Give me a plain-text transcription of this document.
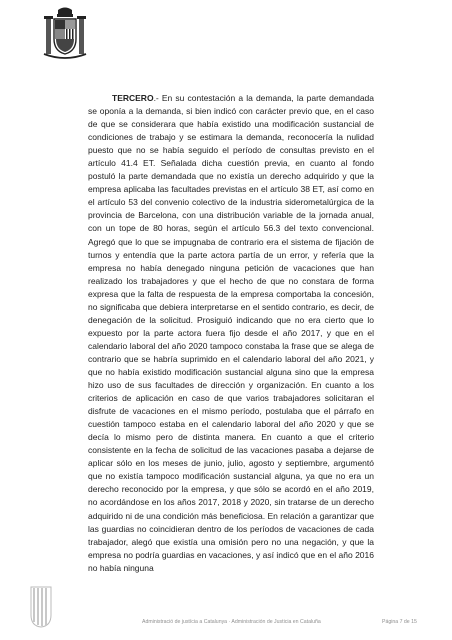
TERCERO.- En su contestación a la demanda, la parte demandada se oponía a la demanda, si bien indicó con carácter previo que, en el caso de que se considerara que había existido una modificación sustancial de condiciones de trabajo y se estimara la demanda, reconocería la nulidad puesto que no se había seguido el período de consultas previsto en el artículo 41.4 ET. Señalada dicha cuestión previa, en cuanto al fondo postuló la parte demandada que no existía un derecho adquirido y que la empresa aplicaba las facultades previstas en el artículo 38 ET, así como en el artículo 53 del convenio colectivo de la industria siderometalúrgica de la provincia de Barcelona, con una distribución variable de la jornada anual, con un tope de 80 horas, según el artículo 56.3 del texto convencional. Agregó que lo que se impugnaba de contrario era el sistema de fijación de turnos y entendía que la parte actora partía de un error, y refería que la empresa no había denegado ninguna petición de vacaciones que han realizado los trabajadores y que el hecho de que no constara de forma expresa que la falta de respuesta de la empresa comportaba la concesión, no significaba que debiera interpretarse en el sentido contrario, es decir, de denegación de la solicitud. Prosiguió indicando que no era cierto que lo expuesto por la parte actora fuera fijo desde el año 2017, y que en el calendario laboral del año 2020 tampoco constaba la frase que se alega de contrario que se habría suprimido en el calendario laboral del año 2021, y que no había existido modificación sustancial alguna sino que la empresa hizo uso de sus facultades de dirección y organización. En cuanto a los criterios de aplicación en caso de que varios trabajadores solicitaran el disfrute de vacaciones en el mismo período, postulaba que el párrafo en cuestión tampoco estaba en el calendario laboral del año 2020 y que se decía lo mismo pero de distinta manera. En cuanto a que el criterio consistente en la fecha de solicitud de las vacaciones pasaba a dejarse de aplicar sólo en los meses de junio, julio, agosto y septiembre, argumentó que no existía tampoco modificación sustancial alguna, ya que no era un derecho reconocido por la empresa, y que sólo se acordó en el año 2019, no acordándose en los años 2017, 2018 y 2020, sin tratarse de un derecho adquirido ni de una condición más beneficiosa. En relación a garantizar que las guardias no coincidieran dentro de los períodos de vacaciones de cada trabajador, alegó que existía una omisión pero no una negación, y que la empresa no podría guardias en vacaciones, y así indicó que en el año 2016 no había ninguna

Administració de justícia a Catalunya · Administración de Justicia en Cataluña	Página 7 de 15
